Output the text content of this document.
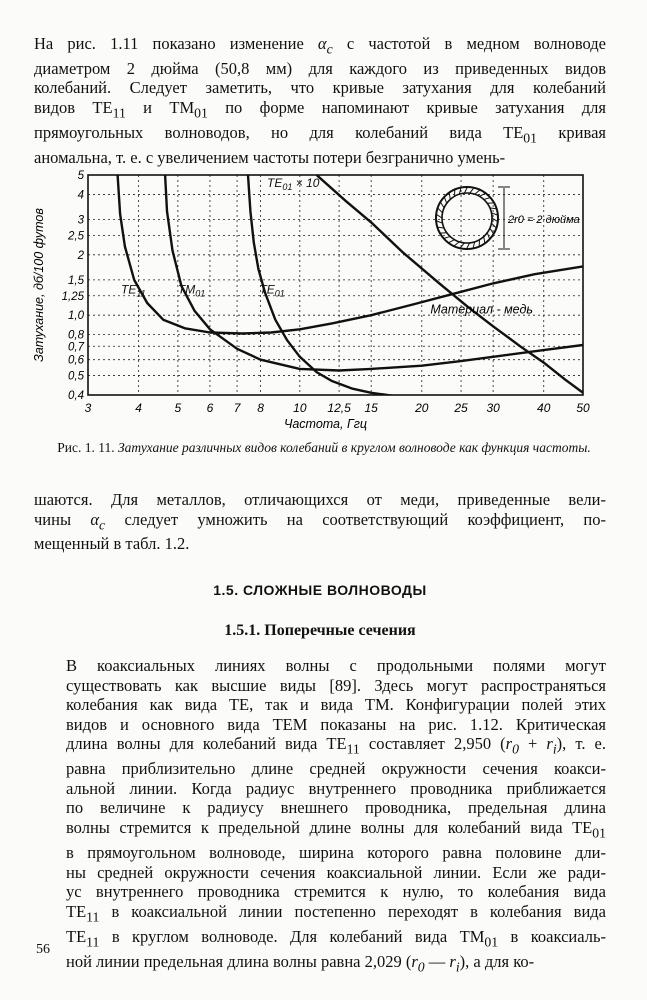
На рис. 1.11 показано изменение $\alpha_c$ с частотой в медном волноводе
диаметром 2 дюйма (50,8 мм) для каждого из приведенных видов
колебаний. Следует заметить, что кривые затухания для колебаний
видов $TE_{11}$ и $TM_{01}$ по форме напоминают кривые затухания для
прямоугольных волноводов, но для колебаний вида $TE_{01}$ кривая
аномальна, т. е. с увеличением частоты потери безгранично умень-
3	4	5 6 7 8 10 12,5 15	20 25 30	40 50
0,4
0,5
0,6
0,7
0,8
1,0
1,25
1,5
2
2,5
3
4
5
Частота, Ггц
Затухание, дб/100 футов	$TE_{11}$	$TM_{01}$	$TE_{01}$
$TE_{01} \times 10$
Материал - медь
2r0 = 2 дюйма

Рис. 1. 11. Затухание различных видов колебаний в круглом волноводе как функция частоты.

шаются. Для металлов, отличающихся от меди, приведенные вели-
чины $\alpha_c$ следует умножить на соответствующий коэффициент, по-
мещенный в табл. 1.2.
1.5. СЛОЖНЫЕ ВОЛНОВОДЫ
1.5.1. Поперечные сечения
В коаксиальных линиях волны с продольными полями могут
существовать как высшие виды [89]. Здесь могут распространяться
колебания как вида TE, так и вида TM. Конфигурации полей этих
видов и основного вида TEM показаны на рис. 1.12. Критическая
длина волны для колебаний вида $TE_{11}$ составляет 2,950 $(r_0 + r_i)$, т. е.
равна приблизительно длине средней окружности сечения коакси-
альной линии. Когда радиус внутреннего проводника приближается
по величине к радиусу внешнего проводника, предельная длина
волны стремится к предельной длине волны для колебаний вида $TE_{01}$
в прямоугольном волноводе, ширина которого равна половине дли-
ны средней окружности сечения коаксиальной линии. Если же ради-
ус внутреннего проводника стремится к нулю, то колебания вида
$TE_{11}$ в коаксиальной линии постепенно переходят в колебания вида
$TE_{11}$ в круглом волноводе. Для колебаний вида $TM_{01}$ в коаксиаль-
ной линии предельная длина волны равна 2,029 ($r_0$ — $r_i$), а для ко-
56
